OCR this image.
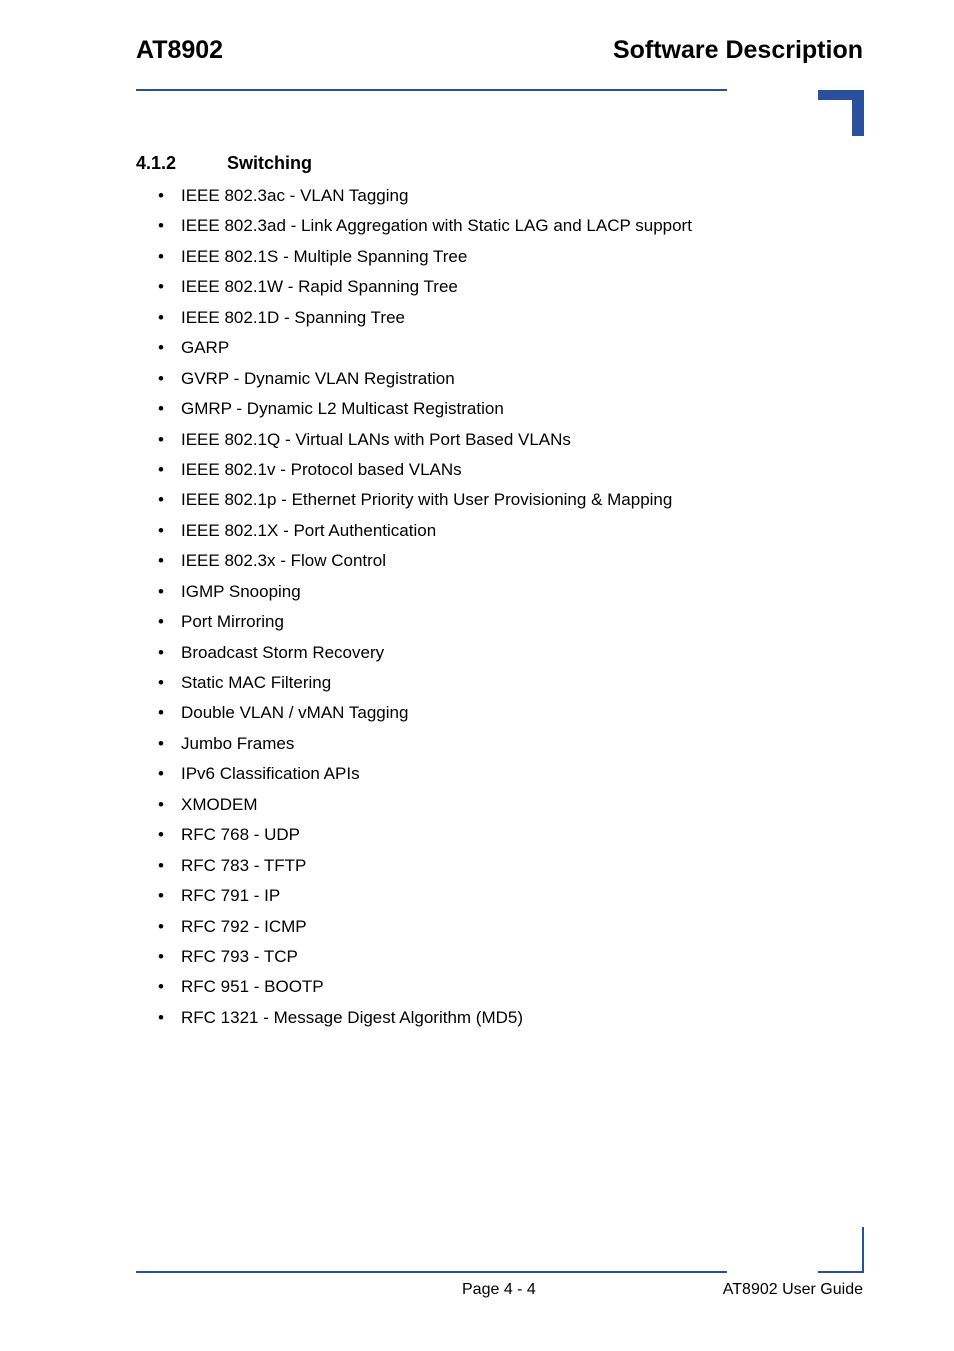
AT8902	Software Description
4.1.2	Switching
• IEEE 802.3ac - VLAN Tagging
• IEEE 802.3ad - Link Aggregation with Static LAG and LACP support
• IEEE 802.1S - Multiple Spanning Tree
• IEEE 802.1W - Rapid Spanning Tree
• IEEE 802.1D - Spanning Tree
• GARP
• GVRP - Dynamic VLAN Registration
• GMRP - Dynamic L2 Multicast Registration
• IEEE 802.1Q - Virtual LANs with Port Based VLANs
• IEEE 802.1v - Protocol based VLANs
• IEEE 802.1p - Ethernet Priority with User Provisioning & Mapping
• IEEE 802.1X - Port Authentication
• IEEE 802.3x - Flow Control
• IGMP Snooping
• Port Mirroring
• Broadcast Storm Recovery
• Static MAC Filtering
• Double VLAN / vMAN Tagging
• Jumbo Frames
• IPv6 Classification APIs
• XMODEM
• RFC 768 - UDP
• RFC 783 - TFTP
• RFC 791 - IP
• RFC 792 - ICMP
• RFC 793 - TCP
• RFC 951 - BOOTP
• RFC 1321 - Message Digest Algorithm (MD5)
Page 4 - 4	AT8902 User Guide
